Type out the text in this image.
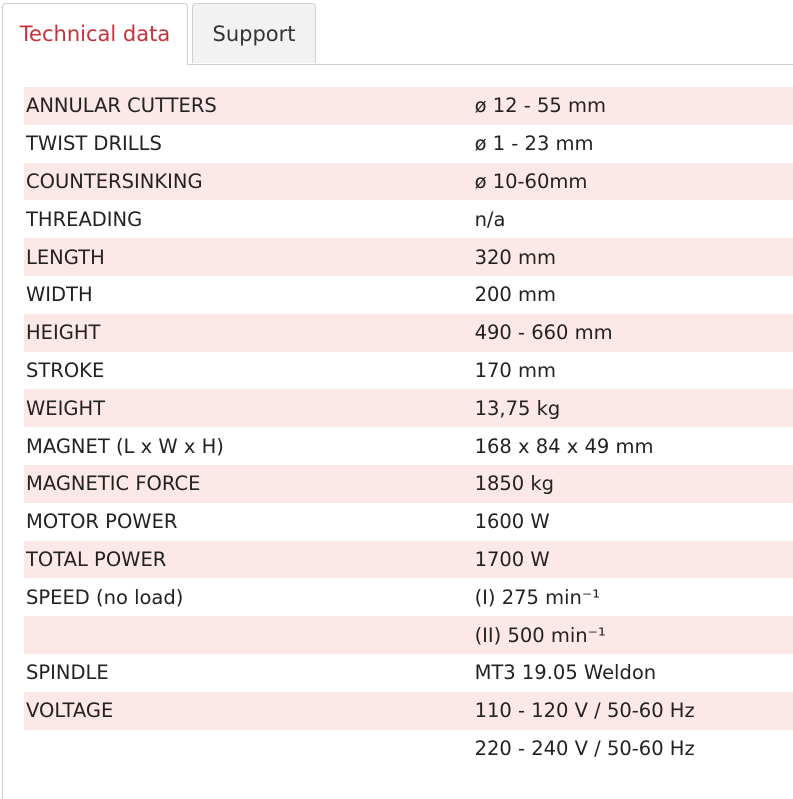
Technical data	Support
ANNULAR CUTTERS	ø 12 - 55 mm
TWIST DRILLS	ø 1 - 23 mm
COUNTERSINKING	ø 10-60mm
THREADING	n/a
LENGTH	320 mm
WIDTH	200 mm
HEIGHT	490 - 660 mm
STROKE	170 mm
WEIGHT	13,75 kg
MAGNET (L x W x H)	168 x 84 x 49 mm
MAGNETIC FORCE	1850 kg
MOTOR POWER	1600 W
TOTAL POWER	1700 W
SPEED (no load)	(I) 275 min⁻¹
	(II) 500 min⁻¹
SPINDLE	MT3 19.05 Weldon
VOLTAGE	110 - 120 V / 50-60 Hz
	220 - 240 V / 50-60 Hz
